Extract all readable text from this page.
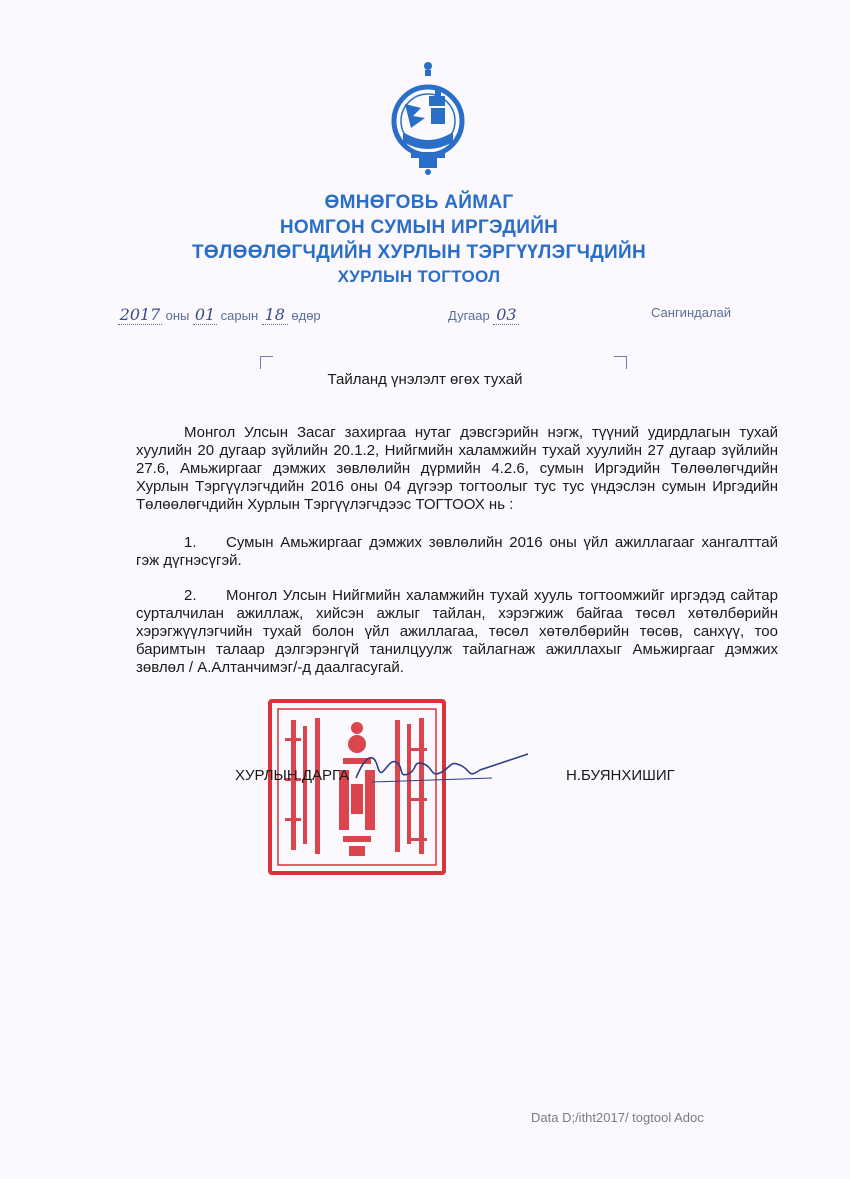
ӨМНӨГОВЬ АЙМАГ
НОМГОН СУМЫН ИРГЭДИЙН
ТӨЛӨӨЛӨГЧДИЙН ХУРЛЫН ТЭРГҮҮЛЭГЧДИЙН
ХУРЛЫН ТОГТООЛ
2017 оны 01 сарын 18 өдөр	Дугаар 03	Сангиндалай
Тайланд үнэлэлт өгөх тухай
Монгол Улсын Засаг захиргаа нутаг дэвсгэрийн нэгж, түүний удирдлагын тухай хуулийн 20 дугаар зүйлийн 20.1.2, Нийгмийн халамжийн тухай хуулийн 27 дугаар зүйлийн 27.6, Амьжиргааг дэмжих зөвлөлийн дүрмийн 4.2.6, сумын Иргэдийн Төлөөлөгчдийн Хурлын Тэргүүлэгчдийн 2016 оны 04 дүгээр тогтоолыг тус тус үндэслэн сумын Иргэдийн Төлөөлөгчдийн Хурлын Тэргүүлэгчдээс ТОГТООХ нь :
1. Сумын Амьжиргааг дэмжих зөвлөлийн 2016 оны үйл ажиллагааг хангалттай гэж дүгнэсүгэй.
2. Монгол Улсын Нийгмийн халамжийн тухай хууль тогтоомжийг иргэдэд сайтар сурталчилан ажиллаж, хийсэн ажлыг тайлан, хэрэгжиж байгаа төсөл хөтөлбөрийн хэрэгжүүлэгчийн тухай болон үйл ажиллагаа, төсөл хөтөлбөрийн төсөв, санхүү, тоо баримтын талаар дэлгэрэнгүй танилцуулж тайлагнаж ажиллахыг Амьжиргааг дэмжих зөвлөл / А.Алтанчимэг/-д даалгасугай.
ХУРЛЫН ДАРГА	Н.БУЯНХИШИГ
Data D;/itht2017/ togtool Adoc
